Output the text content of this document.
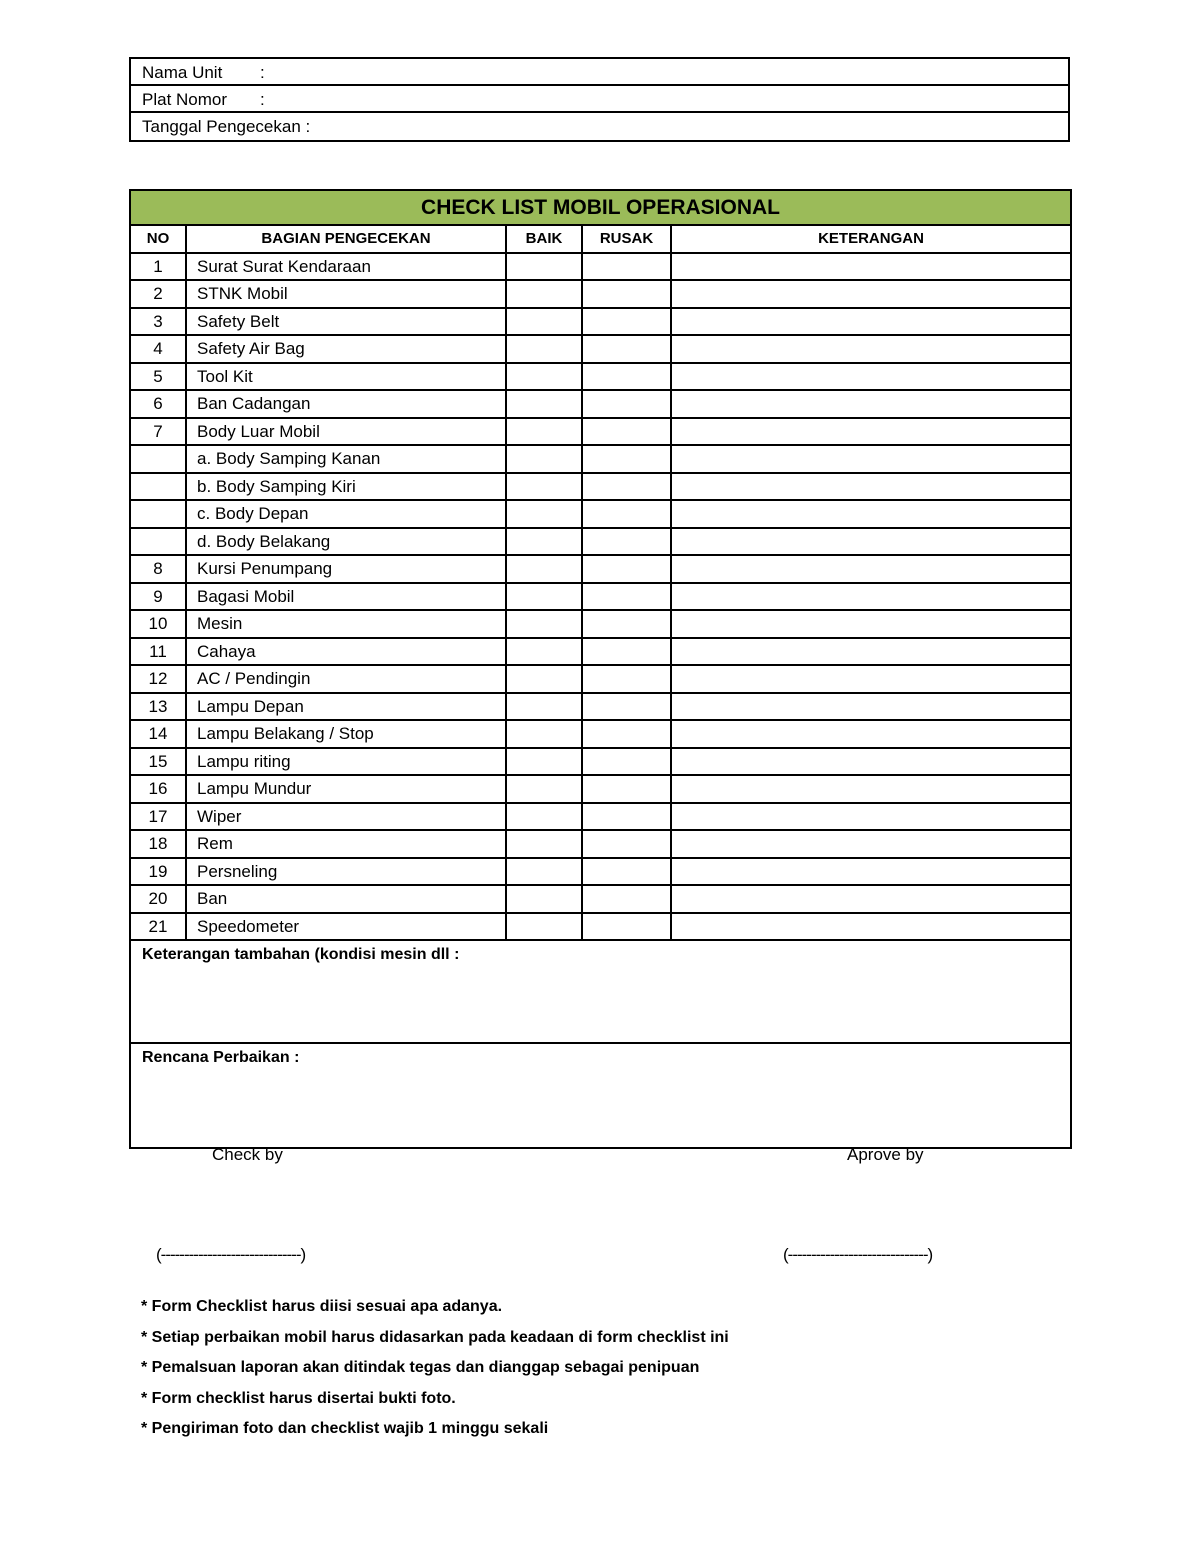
Nama Unit :
Plat Nomor :
Tanggal Pengecekan :
CHECK LIST MOBIL OPERASIONAL				
NO	BAGIAN PENGECEKAN	BAIK	RUSAK	KETERANGAN
1	Surat Surat Kendaraan			
2	STNK Mobil			
3	Safety Belt			
4	Safety Air Bag			
5	Tool Kit			
6	Ban Cadangan			
7	Body Luar Mobil			
	a. Body Samping Kanan			
	b. Body Samping Kiri			
	c. Body Depan			
	d. Body Belakang			
8	Kursi Penumpang			
9	Bagasi Mobil			
10	Mesin			
11	Cahaya			
12	AC / Pendingin			
13	Lampu Depan			
14	Lampu Belakang / Stop			
15	Lampu riting			
16	Lampu Mundur			
17	Wiper			
18	Rem			
19	Persneling			
20	Ban			
21	Speedometer			
Keterangan tambahan (kondisi mesin dll :				
Rencana Perbaikan :				
Check by	Aprove by
(------------------------------)	(------------------------------)
* Form Checklist harus diisi sesuai apa adanya.
* Setiap perbaikan mobil harus didasarkan pada keadaan di form checklist ini
* Pemalsuan laporan akan ditindak tegas dan dianggap sebagai penipuan
* Form checklist harus disertai bukti foto.
* Pengiriman foto dan checklist wajib 1 minggu sekali
